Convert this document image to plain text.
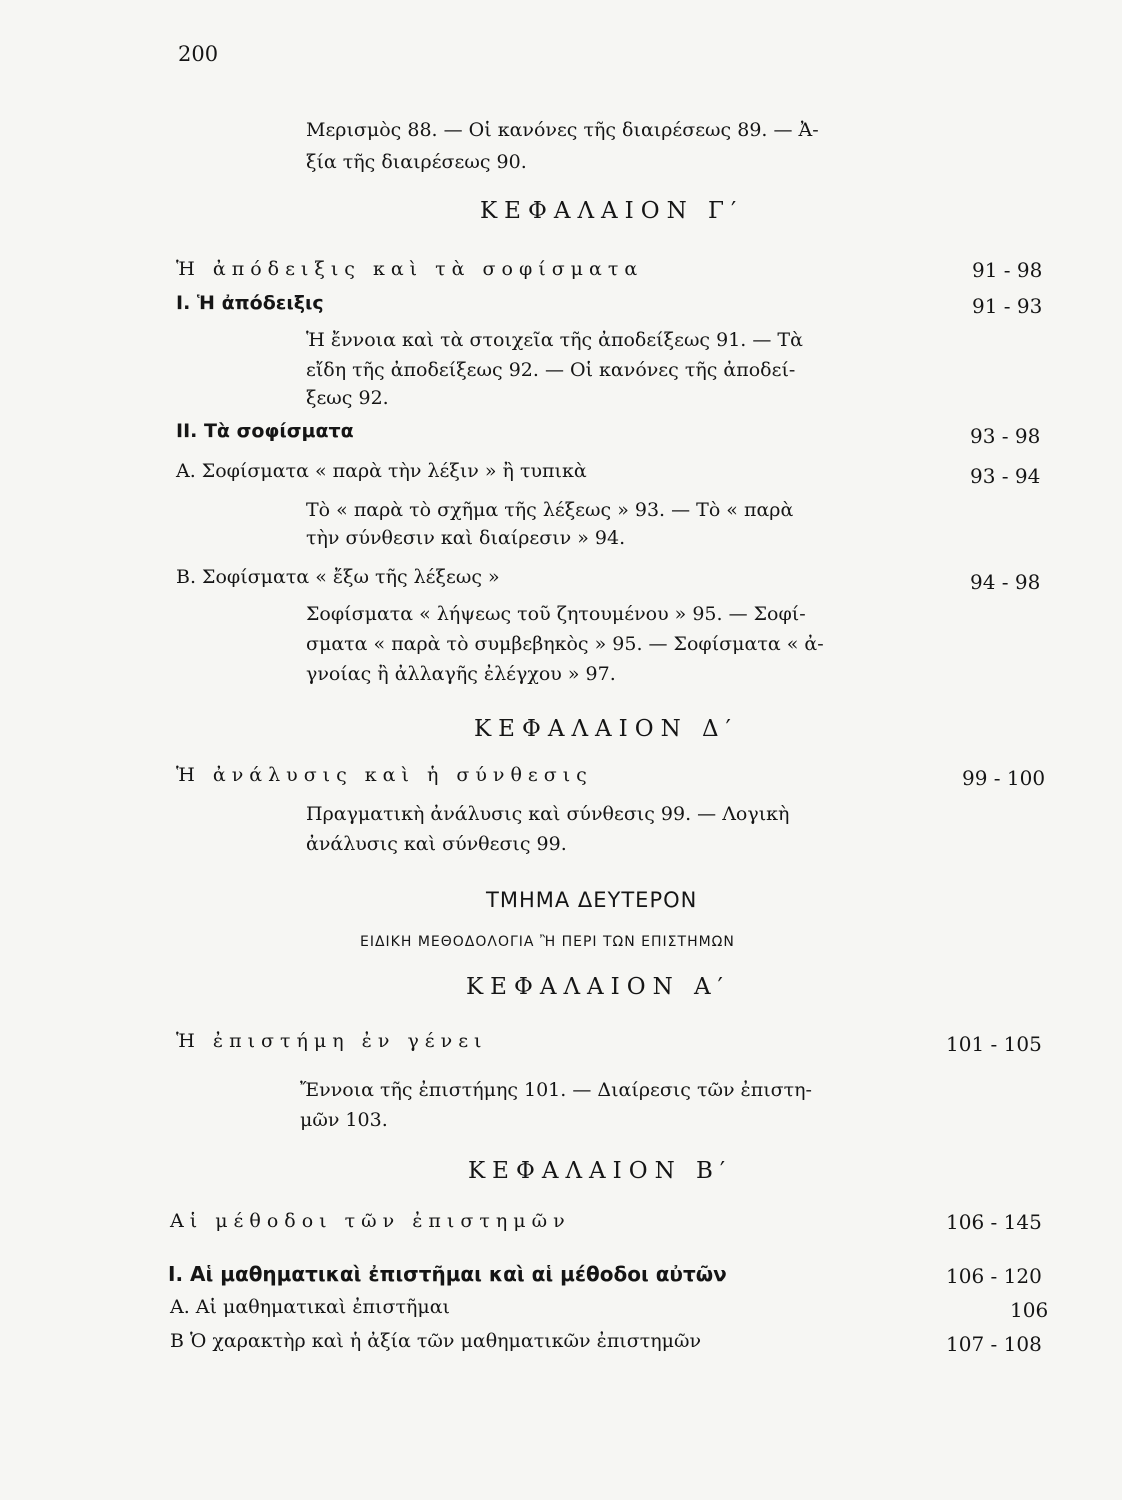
200
Μερισμὸς 88. — Οἱ κανόνες τῆς διαιρέσεως 89. — Ἀ-
ξία τῆς διαιρέσεως 90.
ΚΕΦΑΛΑΙΟΝ Γ′
Ἡ ἀπόδειξις καὶ τὰ σοφίσματα	91 - 98
Ι. Ἡ ἀπόδειξις	91 - 93
Ἡ ἔννοια καὶ τὰ στοιχεῖα τῆς ἀποδείξεως 91. — Τὰ
εἴδη τῆς ἀποδείξεως 92. — Οἱ κανόνες τῆς ἀποδεί-
ξεως 92.
ΙΙ. Τὰ σοφίσματα	93 - 98
Α. Σοφίσματα « παρὰ τὴν λέξιν » ἢ τυπικὰ	93 - 94
Τὸ « παρὰ τὸ σχῆμα τῆς λέξεως » 93. — Τὸ « παρὰ
τὴν σύνθεσιν καὶ διαίρεσιν » 94.
Β. Σοφίσματα « ἔξω τῆς λέξεως »	94 - 98
Σοφίσματα « λήψεως τοῦ ζητουμένου » 95. — Σοφί-
σματα « παρὰ τὸ συμβεβηκὸς » 95. — Σοφίσματα « ἀ-
γνοίας ἢ ἀλλαγῆς ἐλέγχου » 97.
ΚΕΦΑΛΑΙΟΝ Δ′
Ἡ ἀνάλυσις καὶ ἡ σύνθεσις	99 - 100
Πραγματικὴ ἀνάλυσις καὶ σύνθεσις 99. — Λογικὴ
ἀνάλυσις καὶ σύνθεσις 99.
ΤΜΗΜΑ ΔΕΥΤΕΡΟΝ
ΕΙΔΙΚΗ ΜΕΘΟΔΟΛΟΓΙΑ Ἢ ΠΕΡΙ ΤΩΝ ΕΠΙΣΤΗΜΩΝ
ΚΕΦΑΛΑΙΟΝ Α′
Ἡ ἐπιστήμη ἐν γένει	101 - 105
Ἔννοια τῆς ἐπιστήμης 101. — Διαίρεσις τῶν ἐπιστη-
μῶν 103.
ΚΕΦΑΛΑΙΟΝ Β′
Αἱ μέθοδοι τῶν ἐπιστημῶν	106 - 145
Ι. Αἱ μαθηματικαὶ ἐπιστῆμαι καὶ αἱ μέθοδοι αὐτῶν	106 - 120
Α. Αἱ μαθηματικαὶ ἐπιστῆμαι	106
Β Ὁ χαρακτὴρ καὶ ἡ ἀξία τῶν μαθηματικῶν ἐπιστημῶν	107 - 108
